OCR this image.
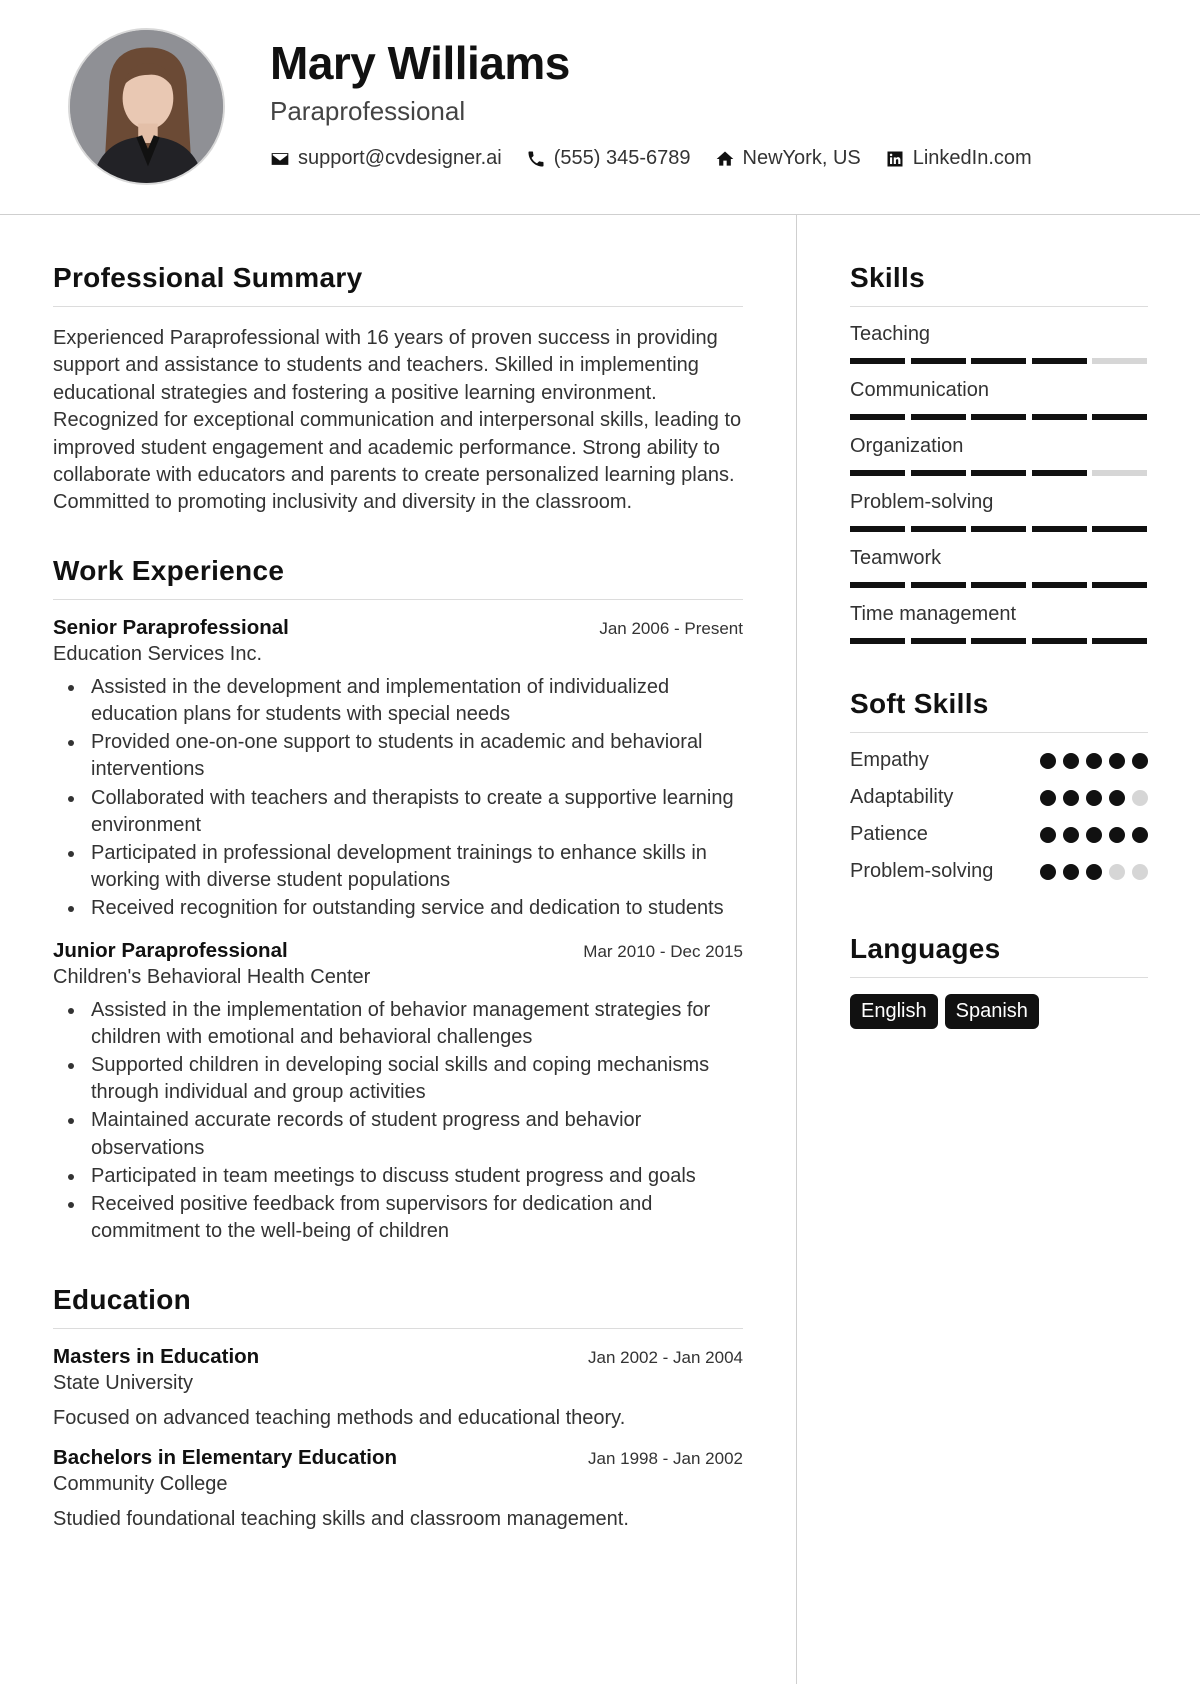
Mary Williams
Paraprofessional
support@cvdesigner.ai	(555) 345-6789	NewYork, US	LinkedIn.com
Professional Summary
Experienced Paraprofessional with 16 years of proven success in providing support and assistance to students and teachers. Skilled in implementing educational strategies and fostering a positive learning environment. Recognized for exceptional communication and interpersonal skills, leading to improved student engagement and academic performance. Strong ability to collaborate with educators and parents to create personalized learning plans. Committed to promoting inclusivity and diversity in the classroom.
Work Experience
Senior Paraprofessional	Jan 2006 - Present
Education Services Inc.
Assisted in the development and implementation of individualized education plans for students with special needs
Provided one-on-one support to students in academic and behavioral interventions
Collaborated with teachers and therapists to create a supportive learning environment
Participated in professional development trainings to enhance skills in working with diverse student populations
Received recognition for outstanding service and dedication to students
Junior Paraprofessional	Mar 2010 - Dec 2015
Children's Behavioral Health Center
Assisted in the implementation of behavior management strategies for children with emotional and behavioral challenges
Supported children in developing social skills and coping mechanisms through individual and group activities
Maintained accurate records of student progress and behavior observations
Participated in team meetings to discuss student progress and goals
Received positive feedback from supervisors for dedication and commitment to the well-being of children
Education
Masters in Education	Jan 2002 - Jan 2004
State University
Focused on advanced teaching methods and educational theory.
Bachelors in Elementary Education	Jan 1998 - Jan 2002
Community College
Studied foundational teaching skills and classroom management.
Skills
Teaching
Communication
Organization
Problem-solving
Teamwork
Time management
Soft Skills
Empathy
Adaptability
Patience
Problem-solving
Languages
English	Spanish
